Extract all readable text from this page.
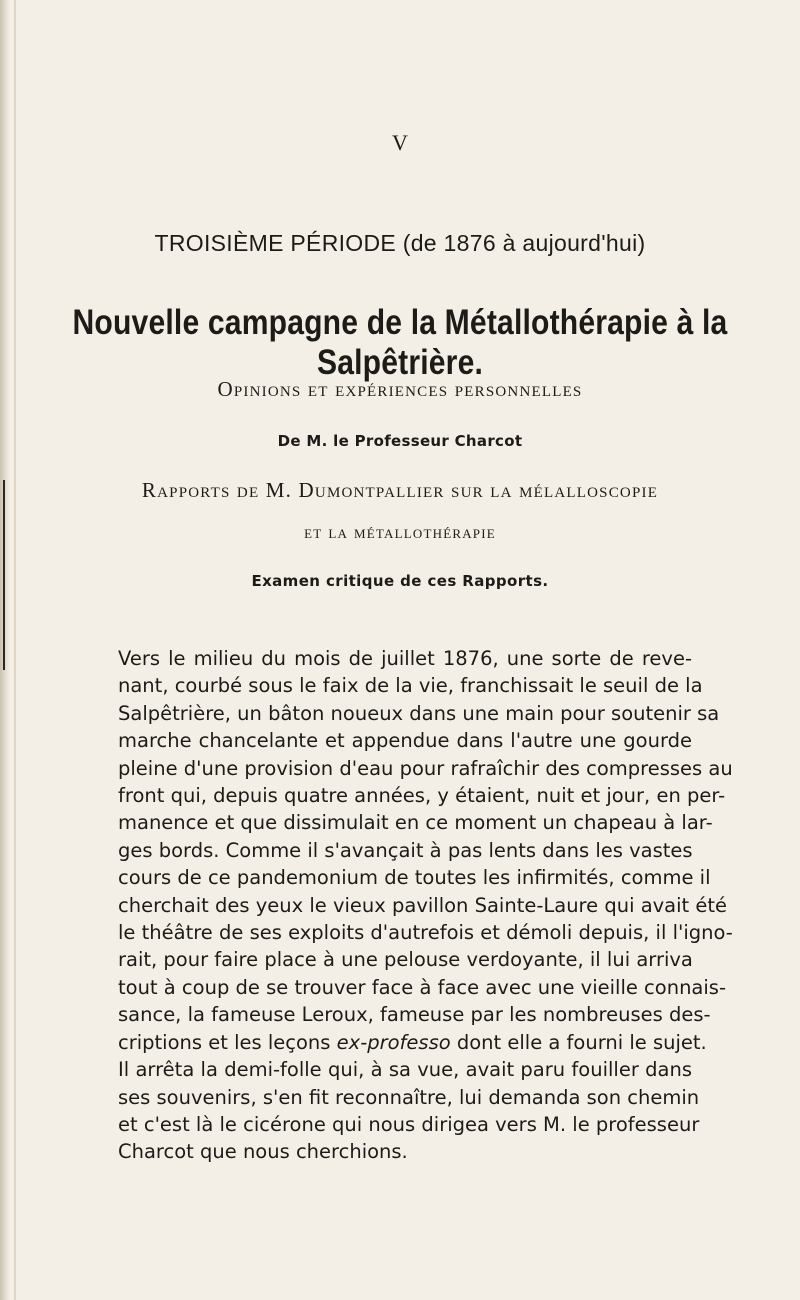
V
TROISIÈME PÉRIODE (de 1876 à aujourd'hui)
Nouvelle campagne de la Métallothérapie à la Salpêtrière.
Opinions et expériences personnelles
De M. le Professeur Charcot
Rapports de M. Dumontpallier sur la mélalloscopie
et la métallothérapie
Examen critique de ces Rapports.
Vers le milieu du mois de juillet 1876, une sorte de reve-
nant, courbé sous le faix de la vie, franchissait le seuil de la
Salpêtrière, un bâton noueux dans une main pour soutenir sa
marche chancelante et appendue dans l'autre une gourde
pleine d'une provision d'eau pour rafraîchir des compresses au
front qui, depuis quatre années, y étaient, nuit et jour, en per-
manence et que dissimulait en ce moment un chapeau à lar-
ges bords. Comme il s'avançait à pas lents dans les vastes
cours de ce pandemonium de toutes les infirmités, comme il
cherchait des yeux le vieux pavillon Sainte-Laure qui avait été
le théâtre de ses exploits d'autrefois et démoli depuis, il l'igno-
rait, pour faire place à une pelouse verdoyante, il lui arriva
tout à coup de se trouver face à face avec une vieille connais-
sance, la fameuse Leroux, fameuse par les nombreuses des-
criptions et les leçons ex-professo dont elle a fourni le sujet.
Il arrêta la demi-folle qui, à sa vue, avait paru fouiller dans
ses souvenirs, s'en fit reconnaître, lui demanda son chemin
et c'est là le cicérone qui nous dirigea vers M. le professeur
Charcot que nous cherchions.
